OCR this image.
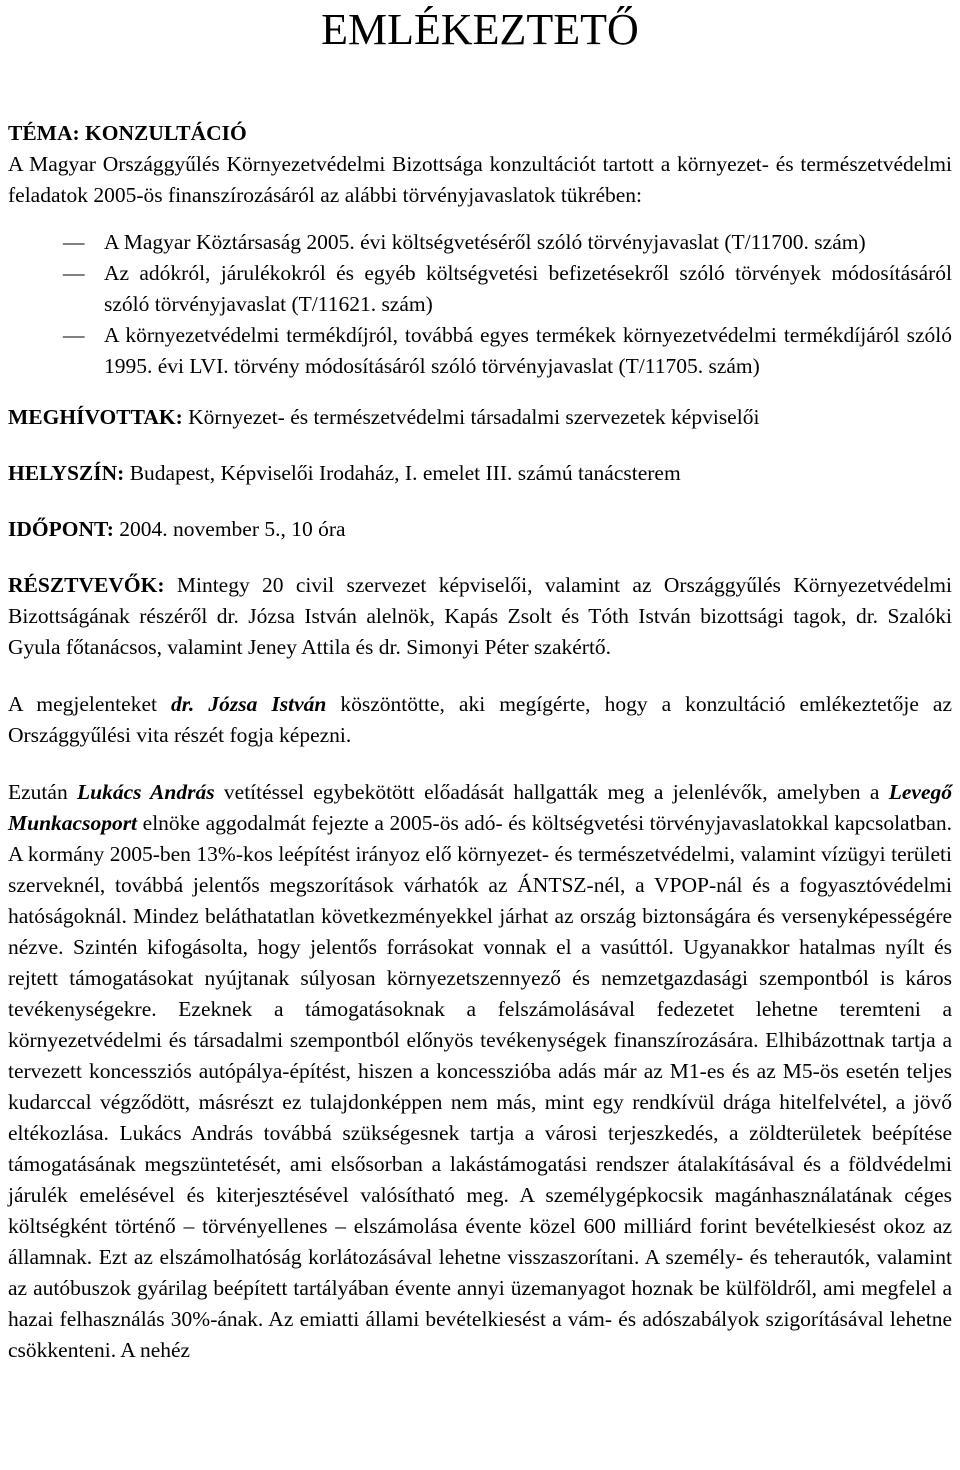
EMLÉKEZTETŐ

TÉMA: KONZULTÁCIÓ

A Magyar Országgyűlés Környezetvédelmi Bizottsága konzultációt tartott a környezet- és természetvédelmi feladatok 2005-ös finanszírozásáról az alábbi törvényjavaslatok tükrében:

— A Magyar Köztársaság 2005. évi költségvetéséről szóló törvényjavaslat (T/11700. szám)
— Az adókról, járulékokról és egyéb költségvetési befizetésekről szóló törvények módosításáról szóló törvényjavaslat (T/11621. szám)
— A környezetvédelmi termékdíjról, továbbá egyes termékek környezetvédelmi termékdíjáról szóló 1995. évi LVI. törvény módosításáról szóló törvényjavaslat (T/11705. szám)

MEGHÍVOTTAK: Környezet- és természetvédelmi társadalmi szervezetek képviselői

HELYSZÍN: Budapest, Képviselői Irodaház, I. emelet III. számú tanácsterem

IDŐPONT: 2004. november 5., 10 óra

RÉSZTVEVŐK: Mintegy 20 civil szervezet képviselői, valamint az Országgyűlés Környezetvédelmi Bizottságának részéről dr. Józsa István alelnök, Kapás Zsolt és Tóth István bizottsági tagok, dr. Szalóki Gyula főtanácsos, valamint Jeney Attila és dr. Simonyi Péter szakértő.

A megjelenteket dr. Józsa István köszöntötte, aki megígérte, hogy a konzultáció emlékeztetője az Országgyűlési vita részét fogja képezni.

Ezután Lukács András vetítéssel egybekötött előadását hallgatták meg a jelenlévők, amelyben a Levegő Munkacsoport elnöke aggodalmát fejezte a 2005-ös adó- és költségvetési törvényjavaslatokkal kapcsolatban. A kormány 2005-ben 13%-kos leépítést irányoz elő környezet- és természetvédelmi, valamint vízügyi területi szerveknél, továbbá jelentős megszorítások várhatók az ÁNTSZ-nél, a VPOP-nál és a fogyasztóvédelmi hatóságoknál. Mindez beláthatatlan következményekkel járhat az ország biztonságára és versenyképességére nézve. Szintén kifogásolta, hogy jelentős forrásokat vonnak el a vasúttól. Ugyanakkor hatalmas nyílt és rejtett támogatásokat nyújtanak súlyosan környezetszennyező és nemzetgazdasági szempontból is káros tevékenységekre. Ezeknek a támogatásoknak a felszámolásával fedezetet lehetne teremteni a környezetvédelmi és társadalmi szempontból előnyös tevékenységek finanszírozására. Elhibázottnak tartja a tervezett koncessziós autópálya-építést, hiszen a koncesszióba adás már az M1-es és az M5-ös esetén teljes kudarccal végződött, másrészt ez tulajdonképpen nem más, mint egy rendkívül drága hitelfelvétel, a jövő eltékozlása. Lukács András továbbá szükségesnek tartja a városi terjeszkedés, a zöldterületek beépítése támogatásának megszüntetését, ami elsősorban a lakástámogatási rendszer átalakításával és a földvédelmi járulék emelésével és kiterjesztésével valósítható meg. A személygépkocsik magánhasználatának céges költségként történő – törvényellenes – elszámolása évente közel 600 milliárd forint bevételkiesést okoz az államnak. Ezt az elszámolhatóság korlátozásával lehetne visszaszorítani. A személy- és teherautók, valamint az autóbuszok gyárilag beépített tartályában évente annyi üzemanyagot hoznak be külföldről, ami megfelel a hazai felhasználás 30%-ának. Az emiatti állami bevételkiesést a vám- és adószabályok szigorításával lehetne csökkenteni. A nehéz
